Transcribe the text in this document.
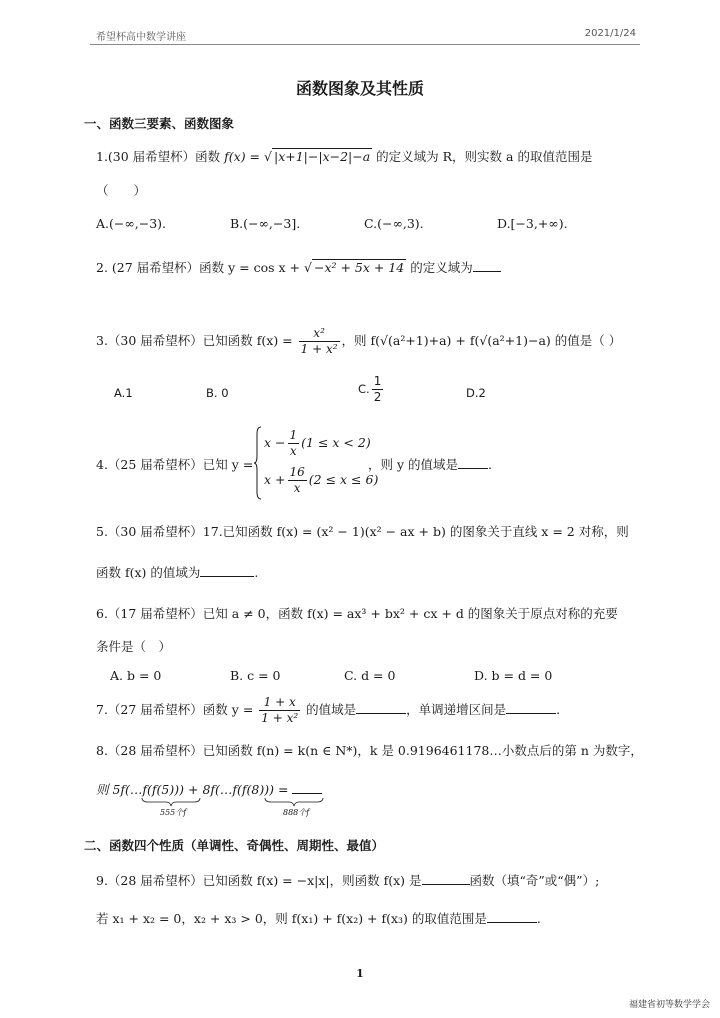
希望杯高中数学讲座	2021/1/24
函数图象及其性质
一、函数三要素、函数图象
1.(30 届希望杯）函数 f(x) = √ |x+1|−|x−2|−a 的定义域为 R，则实数 a 的取值范围是
（　　）
A.(−∞,−3).	B.(−∞,−3].	C.(−∞,3).	D.[−3,+∞).
2. (27 届希望杯）函数 y = cos x + √ −x² + 5x + 14 的定义域为
3.（30 届希望杯）已知函数 $f(x) = \frac{\text{x²}}{\text{1 + x²}}$ ，则 f(√(a²+1)+a) + f(√(a²+1)−a) 的值是（ ）
A.1	B. 0	C. $\frac{1}{2}$	D.2
4.（25 届希望杯）已知 y =
$x - \frac{1}{x} (1 \le x < 2)$
$x + \frac{16}{x} (2 \le x \le 6)$
，则 y 的值域是 .
5.（30 届希望杯）17.已知函数 f(x) = (x² − 1)(x² − ax + b) 的图象关于直线 x = 2 对称，则
函数 f(x) 的值域为	.
6.（17 届希望杯）已知 a ≠ 0，函数 f(x) = ax³ + bx² + cx + d 的图象关于原点对称的充要
条件是（　）
A. b = 0	B. c = 0	C. d = 0	D. b = d = 0
7.（27 届希望杯）函数 $y = \frac{1 + x}{\text{1 + x²}}$ 的值域是	，单调递增区间是	.
8.（28 届希望杯）已知函数 f(n) = k(n ∈ N*)，k 是 0.9196461178…小数点后的第 n 为数字，
则 5f(…f(f(5))) + 8f(…f(f(8))) =
555个f	888个f
二、函数四个性质（单调性、奇偶性、周期性、最值）
9.（28 届希望杯）已知函数 f(x) = −x|x|，则函数 f(x) 是	函数（填“奇”或“偶”）;
若 x₁ + x₂ = 0，x₂ + x₃ > 0，则 f(x₁) + f(x₂) + f(x₃) 的取值范围是	.
1
福建省初等数学学会
